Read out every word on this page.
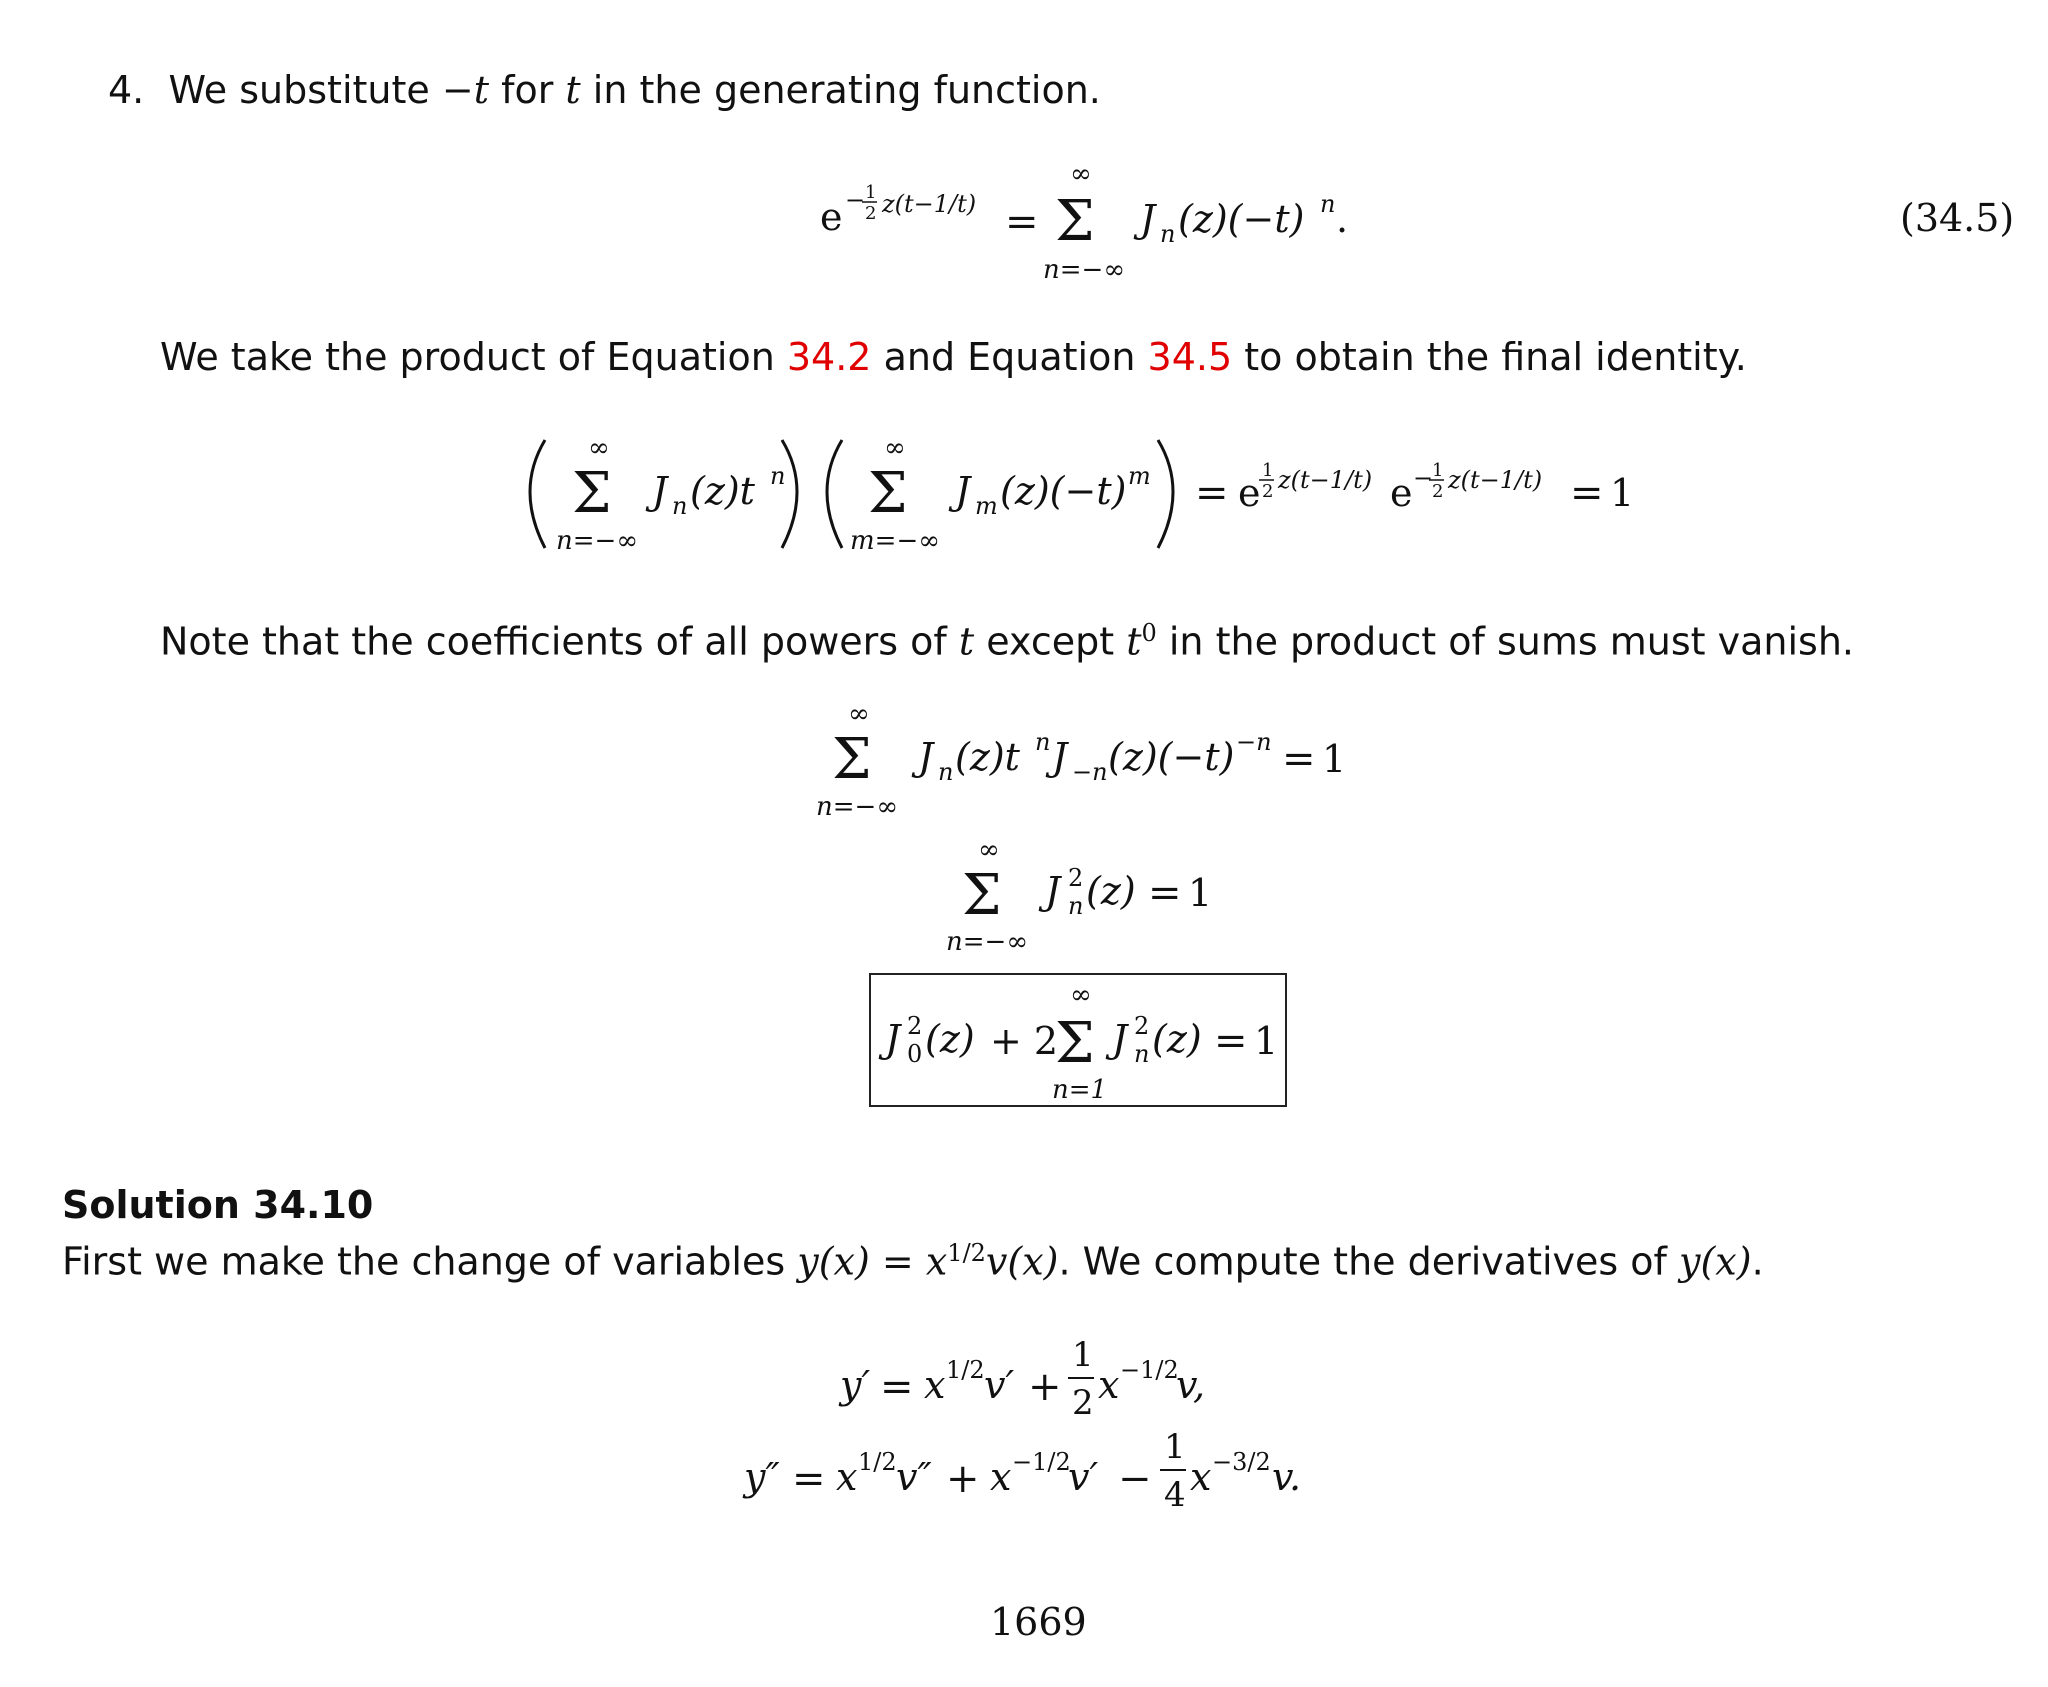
4. We substitute −t for t in the generating function.
e − 1
2 z(t−1/t) =
∞
Σ
n=−∞
J n (z)(−t) n .	(34.5)
We take the product of Equation 34.2 and Equation 34.5 to obtain the final identity.
∞
Σ
n=−∞
J n (z)t n
∞
Σ
m=−∞
J m (z)(−t) m = e
1
2 z(t−1/t) e −
1
2 z(t−1/t) = 1
Note that the coefficients of all powers of t except $t^0$ in the product of sums must vanish.
∞
Σ
n=−∞
J n (z)t n J −n (z)(−t) −n = 1
∞
Σ
n=−∞
J 2
n (z) = 1
J 2
0 (z) + 2
∞
Σ
n=1
J 2
n (z) = 1
Solution 34.10
First we make the change of variables $y(x) = x^{1/2}v(x)$. We compute the derivatives of y(x).
y′ = x 1/2 v′ +
1
2 x −1/2
v,
y″ = x 1/2 v″ + x −1/2
v′ −
1
4 x −3/2 v.
1669
